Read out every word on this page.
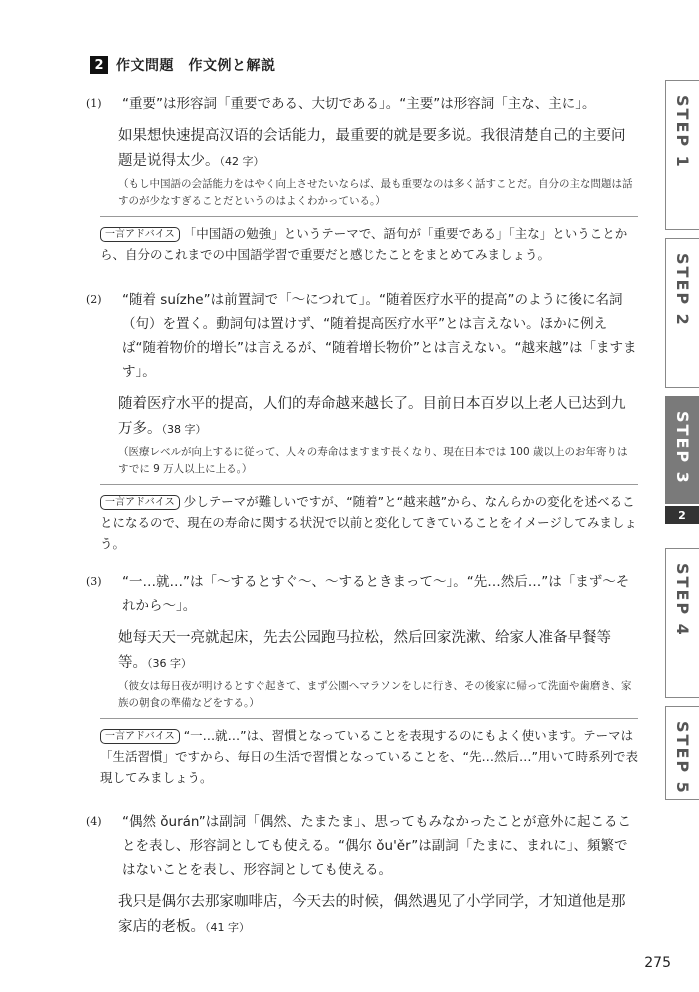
2 作文問題　作文例と解説
(1)	“重要”は形容詞「重要である、大切である」。“主要”は形容詞「主な、主に」。
如果想快速提高汉语的会话能力，最重要的就是要多说。我很清楚自己的主要问题是说得太少。（42 字）
（もし中国語の会話能力をはやく向上させたいならば、最も重要なのは多く話すことだ。自分の主な問題は話すのが少なすぎることだというのはよくわかっている。）
一言アドバイス 「中国語の勉強」というテーマで、語句が「重要である」「主な」ということから、自分のこれまでの中国語学習で重要だと感じたことをまとめてみましょう。
(2)	“随着 suízhe”は前置詞で「～につれて」。“随着医疗水平的提高”のように後に名詞（句）を置く。動詞句は置けず、“随着提高医疗水平”とは言えない。ほかに例えば“随着物价的增长”は言えるが、“随着增长物价”とは言えない。“越来越”は「ますます」。
随着医疗水平的提高，人们的寿命越来越长了。目前日本百岁以上老人已达到九万多。（38 字）
（医療レベルが向上するに従って、人々の寿命はますます長くなり、現在日本では 100 歳以上のお年寄りはすでに 9 万人以上に上る。）
一言アドバイス 少しテーマが難しいですが、“随着”と“越来越”から、なんらかの変化を述べることになるので、現在の寿命に関する状況で以前と変化してきていることをイメージしてみましょう。
(3)	“一…就…”は「～するとすぐ～、～するときまって～」。“先…然后…”は「まず～それから～」。
她每天天一亮就起床，先去公园跑马拉松，然后回家洗漱、给家人准备早餐等等。（36 字）
（彼女は毎日夜が明けるとすぐ起きて、まず公園へマラソンをしに行き、その後家に帰って洗面や歯磨き、家族の朝食の準備などをする。）
一言アドバイス “一…就…”は、習慣となっていることを表現するのにもよく使います。テーマは「生活習慣」ですから、毎日の生活で習慣となっていることを、“先…然后…”用いて時系列で表現してみましょう。
(4)	“偶然 ǒurán”は副詞「偶然、たまたま」、思ってもみなかったことが意外に起こることを表し、形容詞としても使える。“偶尔 ǒu'ěr”は副詞「たまに、まれに」、頻繁ではないことを表し、形容詞としても使える。
我只是偶尔去那家咖啡店，今天去的时候，偶然遇见了小学同学，才知道他是那家店的老板。（41 字）
STEP 1
STEP 2
STEP 3
2
STEP 4
STEP 5
275
